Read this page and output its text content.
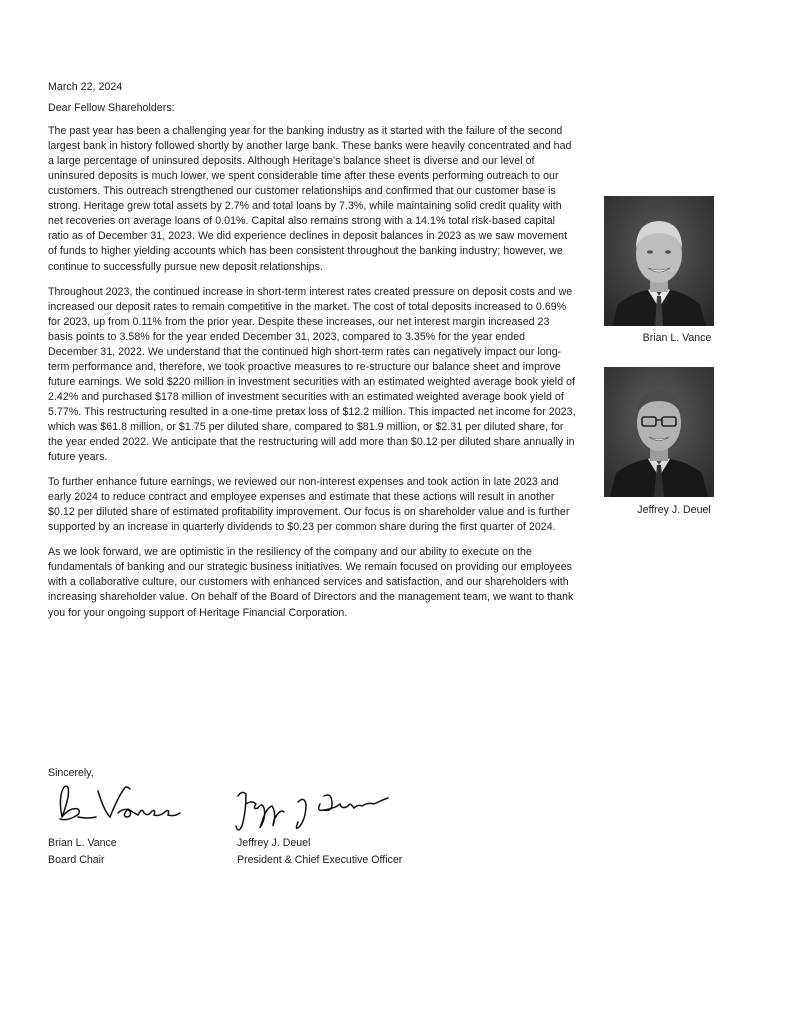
March 22, 2024

Dear Fellow Shareholders:

The past year has been a challenging year for the banking industry as it started with the failure of the second largest bank in history followed shortly by another large bank. These banks were heavily concentrated and had a large percentage of uninsured deposits. Although Heritage's balance sheet is diverse and our level of uninsured deposits is much lower, we spent considerable time after these events performing outreach to our customers. This outreach strengthened our customer relationships and confirmed that our customer base is strong. Heritage grew total assets by 2.7% and total loans by 7.3%, while maintaining solid credit quality with net recoveries on average loans of 0.01%. Capital also remains strong with a 14.1% total risk-based capital ratio as of December 31, 2023. We did experience declines in deposit balances in 2023 as we saw movement of funds to higher yielding accounts which has been consistent throughout the banking industry; however, we continue to successfully pursue new deposit relationships.

Throughout 2023, the continued increase in short-term interest rates created pressure on deposit costs and we increased our deposit rates to remain competitive in the market. The cost of total deposits increased to 0.69% for 2023, up from 0.11% from the prior year. Despite these increases, our net interest margin increased 23 basis points to 3.58% for the year ended December 31, 2023, compared to 3.35% for the year ended December 31, 2022. We understand that the continued high short-term rates can negatively impact our long-term performance and, therefore, we took proactive measures to re-structure our balance sheet and improve future earnings. We sold $220 million in investment securities with an estimated weighted average book yield of 2.42% and purchased $178 million of investment securities with an estimated weighted average book yield of 5.77%. This restructuring resulted in a one-time pretax loss of $12.2 million. This impacted net income for 2023, which was $61.8 million, or $1.75 per diluted share, compared to $81.9 million, or $2.31 per diluted share, for the year ended 2022. We anticipate that the restructuring will add more than $0.12 per diluted share annually in future years.

To further enhance future earnings, we reviewed our non-interest expenses and took action in late 2023 and early 2024 to reduce contract and employee expenses and estimate that these actions will result in another $0.12 per diluted share of estimated profitability improvement. Our focus is on shareholder value and is further supported by an increase in quarterly dividends to $0.23 per common share during the first quarter of 2024.

As we look forward, we are optimistic in the resiliency of the company and our ability to execute on the fundamentals of banking and our strategic business initiatives. We remain focused on providing our employees with a collaborative culture, our customers with enhanced services and satisfaction, and our shareholders with increasing shareholder value. On behalf of the Board of Directors and the management team, we want to thank you for your ongoing support of Heritage Financial Corporation.

Brian L. Vance
Jeffrey J. Deuel
Sincerely,
Brian L. Vance
Board Chair
Jeffrey J. Deuel
President & Chief Executive Officer
